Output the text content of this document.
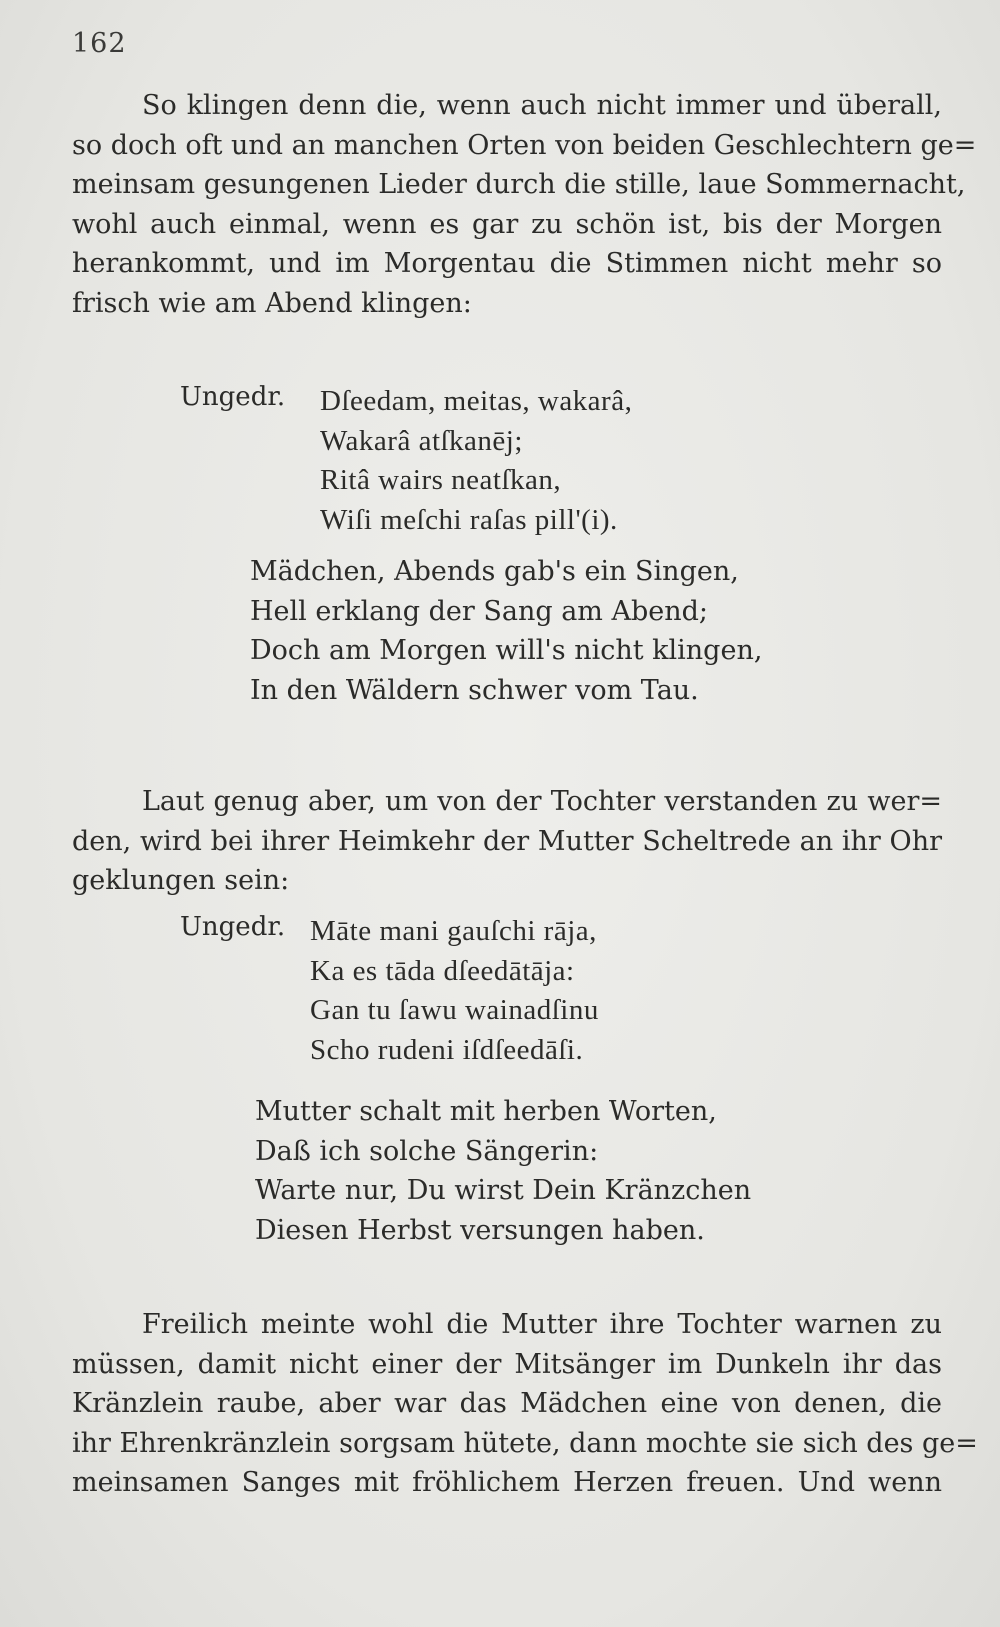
162
So klingen denn die, wenn auch nicht immer und überall,
so doch oft und an manchen Orten von beiden Geschlechtern ge=
meinsam gesungenen Lieder durch die stille, laue Sommernacht,
wohl auch einmal, wenn es gar zu schön ist, bis der Morgen
herankommt, und im Morgentau die Stimmen nicht mehr so
frisch wie am Abend klingen:
Ungedr. Dſeedam, meitas, wakarâ,
Wakarâ atſkanēj;
Ritâ wairs neatſkan,
Wiſi meſchi raſas pill'(i).
Mädchen, Abends gab's ein Singen,
Hell erklang der Sang am Abend;
Doch am Morgen will's nicht klingen,
In den Wäldern schwer vom Tau.
Laut genug aber, um von der Tochter verstanden zu wer=
den, wird bei ihrer Heimkehr der Mutter Scheltrede an ihr Ohr
geklungen sein:
Ungedr. Māte mani gauſchi rāja,
Ka es tāda dſeedātāja:
Gan tu ſawu wainadſinu
Scho rudeni iſdſeedāſi.
Mutter schalt mit herben Worten,
Daß ich solche Sängerin:
Warte nur, Du wirst Dein Kränzchen
Diesen Herbst versungen haben.
Freilich meinte wohl die Mutter ihre Tochter warnen zu
müssen, damit nicht einer der Mitsänger im Dunkeln ihr das
Kränzlein raube, aber war das Mädchen eine von denen, die
ihr Ehrenkränzlein sorgsam hütete, dann mochte sie sich des ge=
meinsamen Sanges mit fröhlichem Herzen freuen. Und wenn
